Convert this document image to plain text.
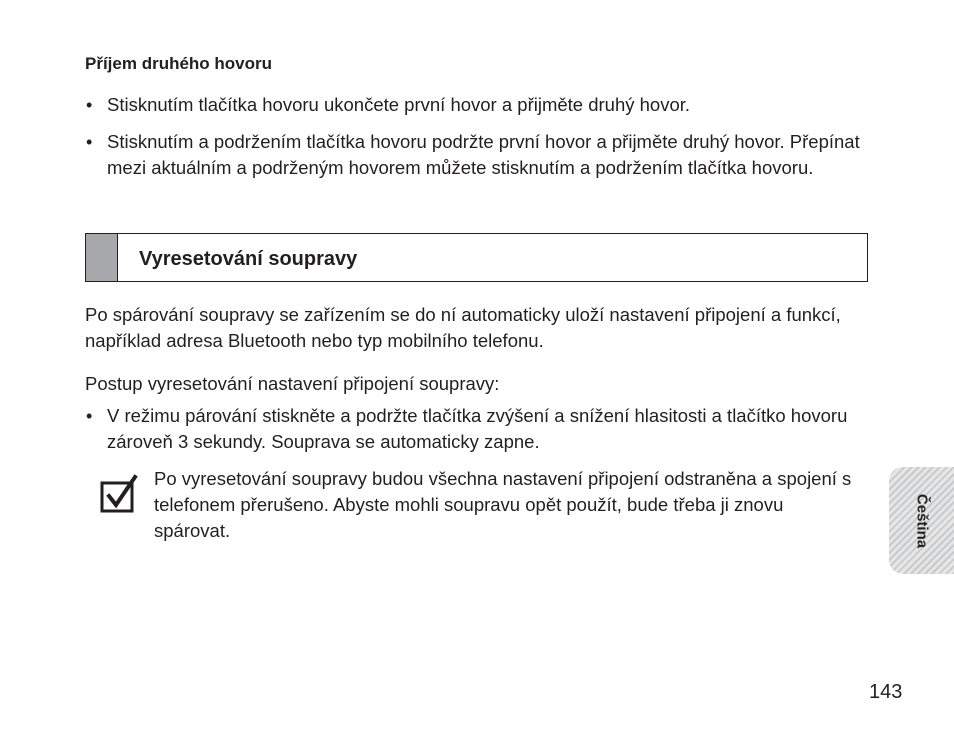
Příjem druhého hovoru
• Stisknutím tlačítka hovoru ukončete první hovor a přijměte druhý hovor.
• Stisknutím a podržením tlačítka hovoru podržte první hovor a přijměte druhý hovor. Přepínat mezi aktuálním a podrženým hovorem můžete stisknutím a podržením tlačítka hovoru.
Vyresetování soupravy
Po spárování soupravy se zařízením se do ní automaticky uloží nastavení připojení a funkcí, například adresa Bluetooth nebo typ mobilního telefonu.
Postup vyresetování nastavení připojení soupravy:
• V režimu párování stiskněte a podržte tlačítka zvýšení a snížení hlasitosti a tlačítko hovoru zároveň 3 sekundy. Souprava se automaticky zapne.
Po vyresetování soupravy budou všechna nastavení připojení odstraněna a spojení s telefonem přerušeno. Abyste mohli soupravu opět použít, bude třeba ji znovu spárovat.	Čeština
143
